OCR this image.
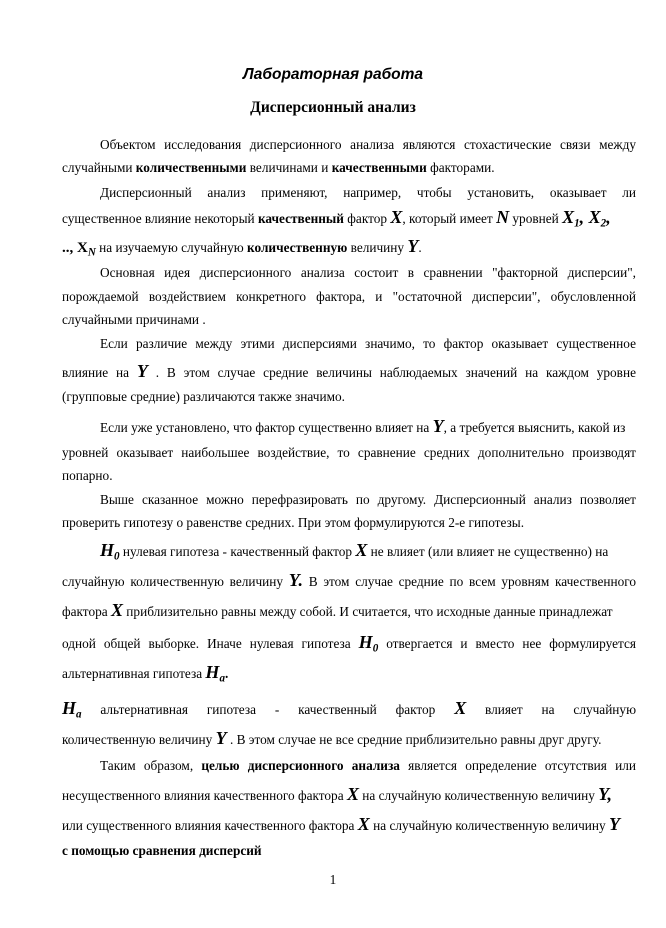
Лабораторная работа
Дисперсионный анализ
Объектом исследования дисперсионного анализа являются стохастические связи между
случайными количественными величинами и качественными факторами.
Дисперсионный анализ применяют, например, чтобы установить, оказывает ли
существенное влияние некоторый качественный фактор X, который имеет N уровней $X_1$, $X_2$,
.., $X_N$ на изучаемую случайную количественную величину Y.
Основная идея дисперсионного анализа состоит в сравнении "факторной дисперсии",
порождаемой воздействием конкретного фактора, и "остаточной дисперсии", обусловленной
случайными причинами .
Если различие между этими дисперсиями значимо, то фактор оказывает существенное
влияние на Y . В этом случае средние величины наблюдаемых значений на каждом уровне
(групповые средние) различаются также значимо.
Если уже установлено, что фактор существенно влияет на Y, а требуется выяснить, какой из
уровней оказывает наибольшее воздействие, то сравнение средних дополнительно производят
попарно.
Выше сказанное можно перефразировать по другому. Дисперсионный анализ позволяет
проверить гипотезу о равенстве средних. При этом формулируются 2-е гипотезы.
$H_0$ нулевая гипотеза - качественный фактор X не влияет (или влияет не существенно) на
случайную количественную величину Y. В этом случае средние по всем уровням качественного
фактора X приблизительно равны между собой. И считается, что исходные данные принадлежат
одной общей выборке. Иначе нулевая гипотеза $H_0$ отвергается и вместо нее формулируется
альтернативная гипотеза $H_a$.
$H_a$ альтернативная гипотеза - качественный фактор X влияет на случайную
количественную величину Y . В этом случае не все средние приблизительно равны друг другу.
Таким образом, целью дисперсионного анализа является определение отсутствия или
несущественного влияния качественного фактора X на случайную количественную величину Y,
или существенного влияния качественного фактора X на случайную количественную величину Y
с помощью сравнения дисперсий
1
